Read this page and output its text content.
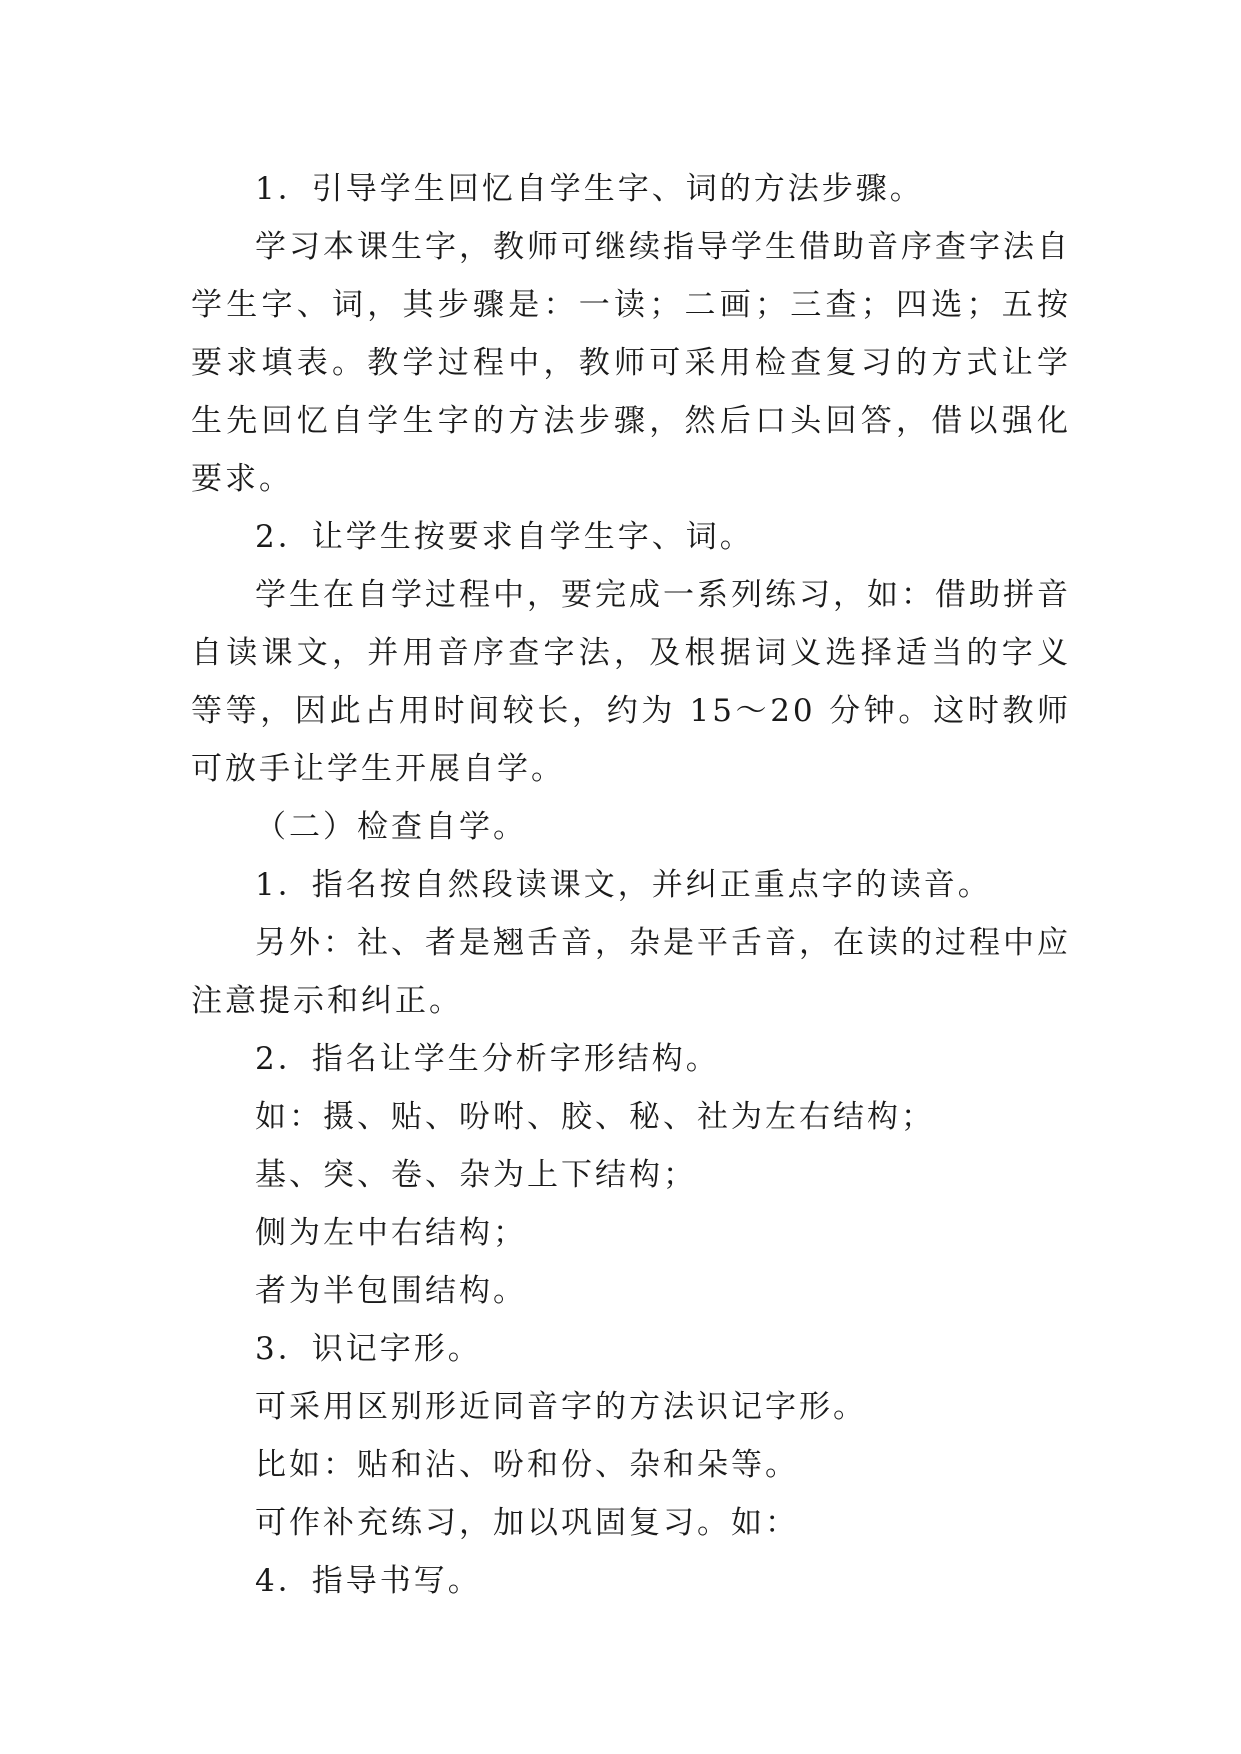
1．引导学生回忆自学生字、词的方法步骤。

学习本课生字，教师可继续指导学生借助音序查字法自学生字、词，其步骤是：一读；二画；三查；四选；五按要求填表。教学过程中，教师可采用检查复习的方式让学生先回忆自学生字的方法步骤，然后口头回答，借以强化要求。

2．让学生按要求自学生字、词。

学生在自学过程中，要完成一系列练习，如：借助拼音自读课文，并用音序查字法，及根据词义选择适当的字义等等，因此占用时间较长，约为 15～20 分钟。这时教师可放手让学生开展自学。

（二）检查自学。

1．指名按自然段读课文，并纠正重点字的读音。

另外：社、者是翘舌音，杂是平舌音，在读的过程中应注意提示和纠正。

2．指名让学生分析字形结构。

如：摄、贴、吩咐、胶、秘、社为左右结构；

基、突、卷、杂为上下结构；

侧为左中右结构；

者为半包围结构。

3．识记字形。

可采用区别形近同音字的方法识记字形。

比如：贴和沾、吩和份、杂和朵等。

可作补充练习，加以巩固复习。如：

4．指导书写。
